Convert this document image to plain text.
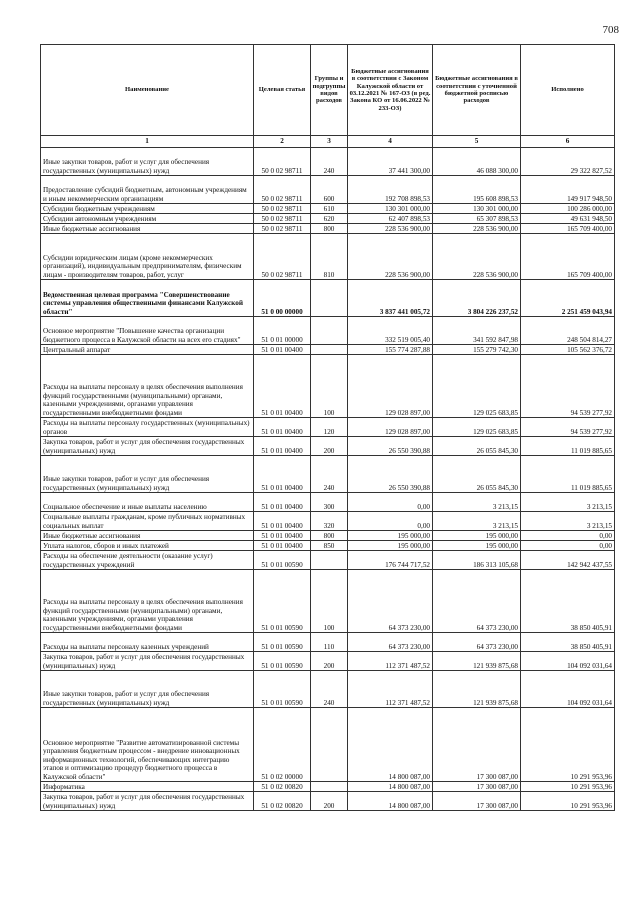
708
Наименование	Целевая статья	Группы и подгруппы видов расходов	Бюджетные ассигнования в соответствии с Законом Калужской области от 03.12.2021 № 167-ОЗ (в ред. Закона КО от 16.06.2022 № 233-ОЗ)	Бюджетные ассигнования в соответствии с уточненной бюджетной росписью расходов	Исполнено
1	2	3	4	5	6
Иные закупки товаров, работ и услуг для обеспечения государственных (муниципальных) нужд	50 0 02 98711	240	37 441 300,00	46 088 300,00	29 322 827,52
Предоставление субсидий бюджетным, автономным учреждениям и иным некоммерческим организациям	50 0 02 98711	600	192 708 898,53	195 608 898,53	149 917 948,50
Субсидии бюджетным учреждениям	50 0 02 98711	610	130 301 000,00	130 301 000,00	100 286 000,00
Субсидии автономным учреждениям	50 0 02 98711	620	62 407 898,53	65 307 898,53	49 631 948,50
Иные бюджетные ассигнования	50 0 02 98711	800	228 536 900,00	228 536 900,00	165 709 400,00
Субсидии юридическим лицам (кроме некоммерческих организаций), индивидуальным предпринимателям, физическим лицам - производителям товаров, работ, услуг	50 0 02 98711	810	228 536 900,00	228 536 900,00	165 709 400,00
Ведомственная целевая программа "Совершенствование системы управления общественными финансами Калужской области"	51 0 00 00000		3 837 441 005,72	3 804 226 237,52	2 251 459 043,94
Основное мероприятие "Повышение качества организации бюджетного процесса в Калужской области на всех его стадиях"	51 0 01 00000		332 519 005,40	341 592 847,98	248 504 814,27
Центральный аппарат	51 0 01 00400		155 774 287,88	155 279 742,30	105 562 376,72
Расходы на выплаты персоналу в целях обеспечения выполнения функций государственными (муниципальными) органами, казенными учреждениями, органами управления государственными внебюджетными фондами	51 0 01 00400	100	129 028 897,00	129 025 683,85	94 539 277,92
Расходы на выплаты персоналу государственных (муниципальных) органов	51 0 01 00400	120	129 028 897,00	129 025 683,85	94 539 277,92
Закупка товаров, работ и услуг для обеспечения государственных (муниципальных) нужд	51 0 01 00400	200	26 550 390,88	26 055 845,30	11 019 885,65
Иные закупки товаров, работ и услуг для обеспечения государственных (муниципальных) нужд	51 0 01 00400	240	26 550 390,88	26 055 845,30	11 019 885,65
Социальное обеспечение и иные выплаты населению	51 0 01 00400	300	0,00	3 213,15	3 213,15
Социальные выплаты гражданам, кроме публичных нормативных социальных выплат	51 0 01 00400	320	0,00	3 213,15	3 213,15
Иные бюджетные ассигнования	51 0 01 00400	800	195 000,00	195 000,00	0,00
Уплата налогов, сборов и иных платежей	51 0 01 00400	850	195 000,00	195 000,00	0,00
Расходы на обеспечение деятельности (оказание услуг) государственных учреждений	51 0 01 00590		176 744 717,52	186 313 105,68	142 942 437,55
Расходы на выплаты персоналу в целях обеспечения выполнения функций государственными (муниципальными) органами, казенными учреждениями, органами управления государственными внебюджетными фондами	51 0 01 00590	100	64 373 230,00	64 373 230,00	38 850 405,91
Расходы на выплаты персоналу казенных учреждений	51 0 01 00590	110	64 373 230,00	64 373 230,00	38 850 405,91
Закупка товаров, работ и услуг для обеспечения государственных (муниципальных) нужд	51 0 01 00590	200	112 371 487,52	121 939 875,68	104 092 031,64
Иные закупки товаров, работ и услуг для обеспечения государственных (муниципальных) нужд	51 0 01 00590	240	112 371 487,52	121 939 875,68	104 092 031,64
Основное мероприятие "Развитие автоматизированной системы управления бюджетным процессом - внедрение инновационных информационных технологий, обеспечивающих интеграцию этапов и оптимизацию процедур бюджетного процесса в Калужской области"	51 0 02 00000		14 800 087,00	17 300 087,00	10 291 953,96
Информатика	51 0 02 00820		14 800 087,00	17 300 087,00	10 291 953,96
Закупка товаров, работ и услуг для обеспечения государственных (муниципальных) нужд	51 0 02 00820	200	14 800 087,00	17 300 087,00	10 291 953,96
